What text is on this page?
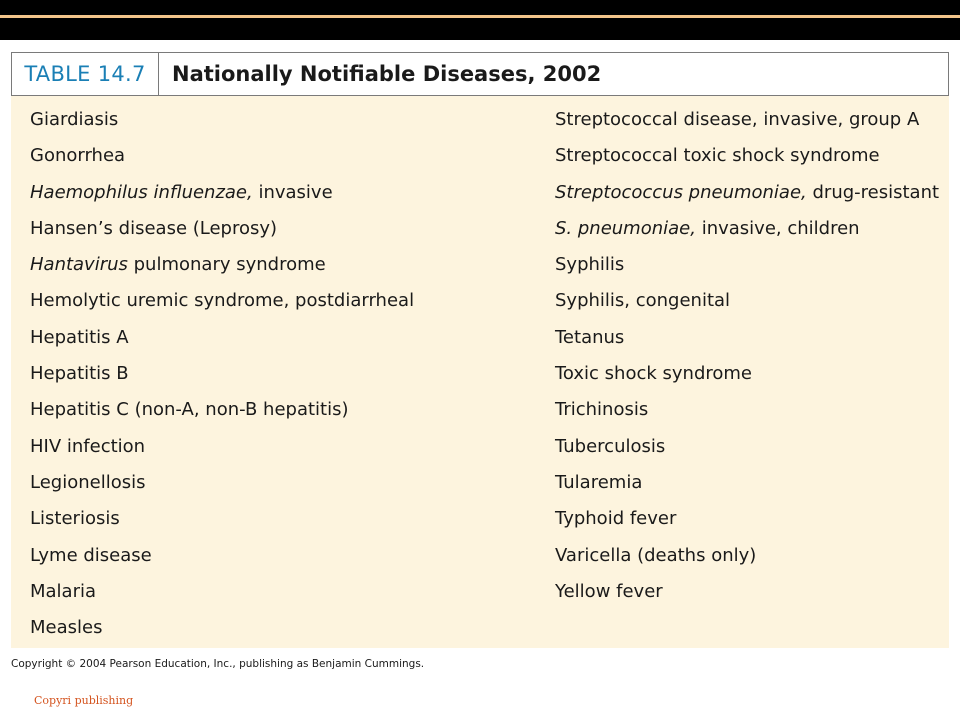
TABLE 14.7	Nationally Notifiable Diseases, 2002
Giardiasis
Gonorrhea
Haemophilus influenzae, invasive
Hansen’s disease (Leprosy)
Hantavirus pulmonary syndrome
Hemolytic uremic syndrome, postdiarrheal
Hepatitis A
Hepatitis B
Hepatitis C (non-A, non-B hepatitis)
HIV infection
Legionellosis
Listeriosis
Lyme disease
Malaria
Measles
Streptococcal disease, invasive, group A
Streptococcal toxic shock syndrome
Streptococcus pneumoniae, drug-resistant
S. pneumoniae, invasive, children
Syphilis
Syphilis, congenital
Tetanus
Toxic shock syndrome
Trichinosis
Tuberculosis
Tularemia
Typhoid fever
Varicella (deaths only)
Yellow fever
Copyright © 2004 Pearson Education, Inc., publishing as Benjamin Cummings.
Copyri publishing
